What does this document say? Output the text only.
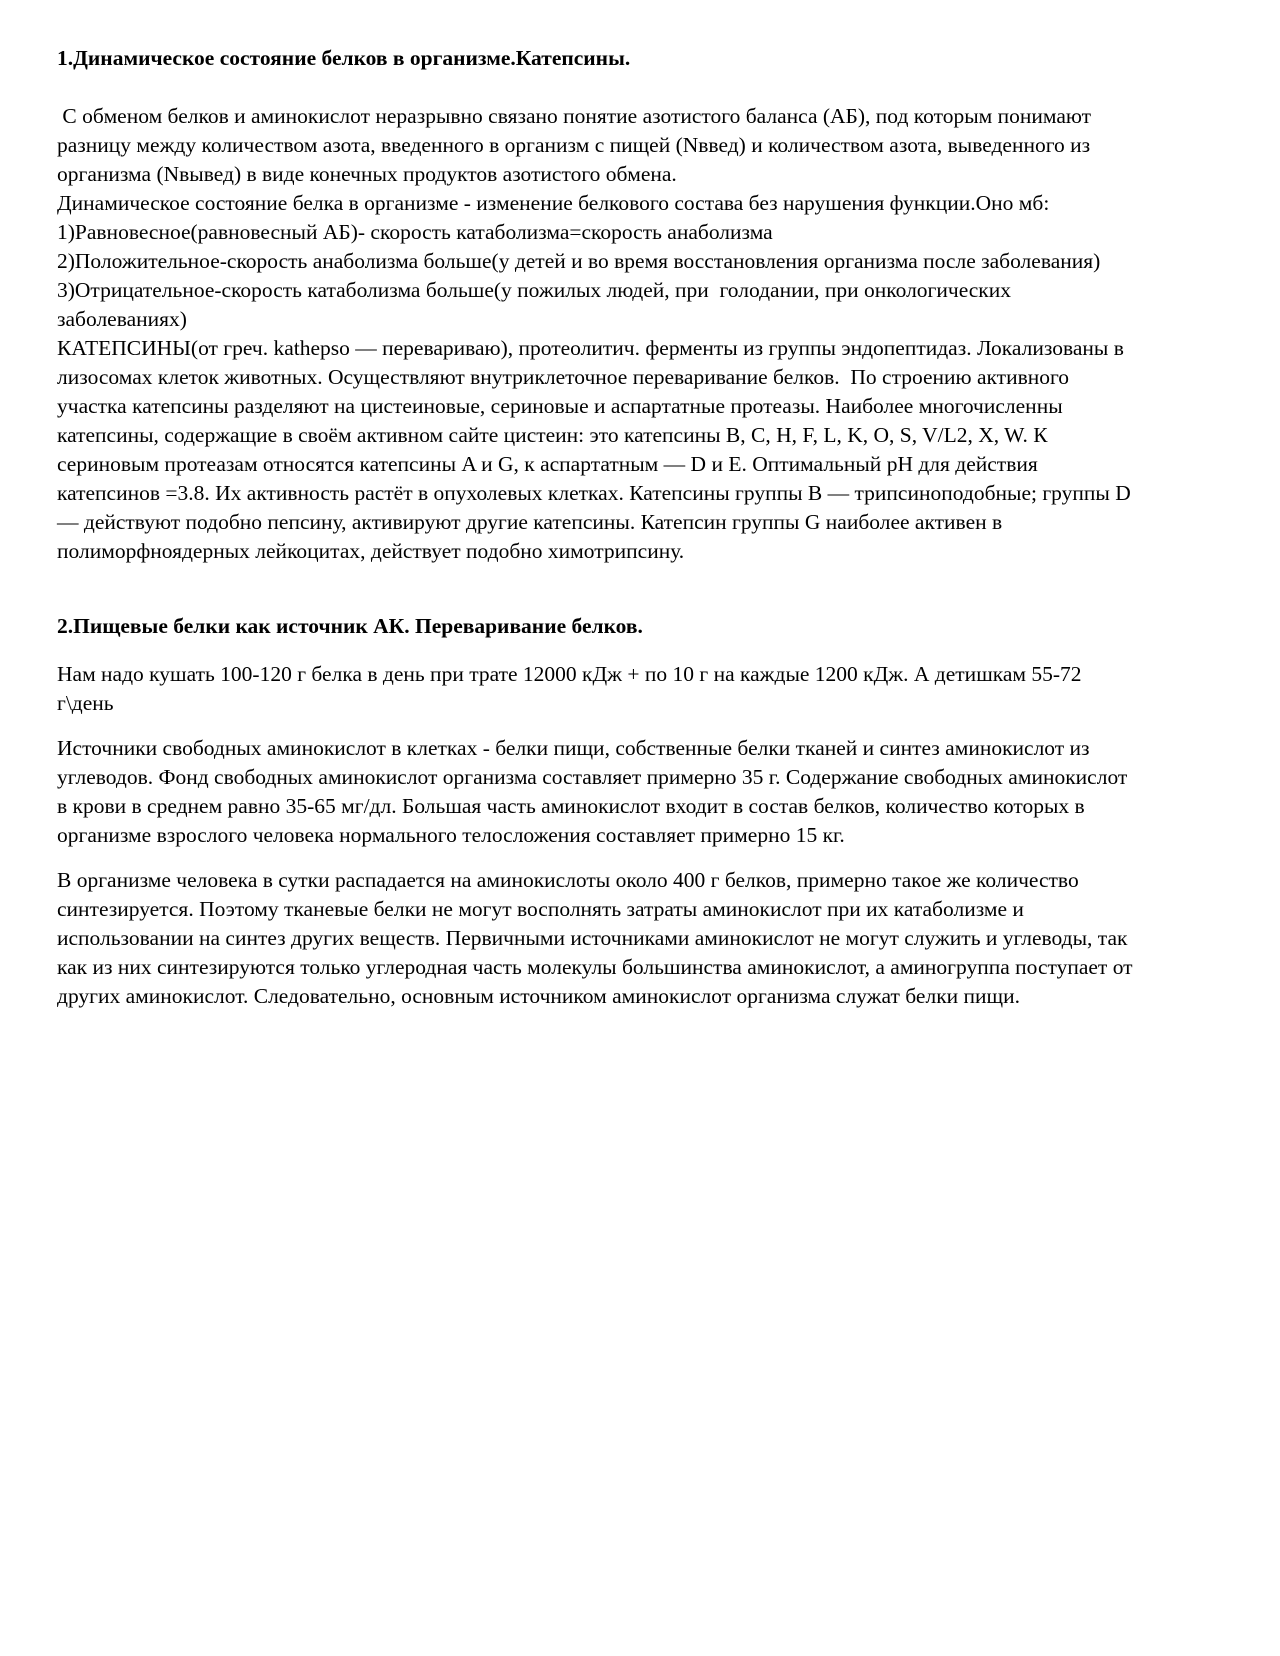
1.Динамическое состояние белков в организме.Катепсины.

С обменом белков и аминокислот неразрывно связано понятие азотистого баланса (АБ), под которым понимают разницу между количеством азота, введенного в организм с пищей (Nввед) и количеством азота, выведенного из организма (Nвывед) в виде конечных продуктов азотистого обмена.

Динамическое состояние белка в организме - изменение белкового состава без нарушения функции.Оно мб:

1)Равновесное(равновесный АБ)- скорость катаболизма=скорость анаболизма

2)Положительное-скорость анаболизма больше(у детей и во время восстановления организма после заболевания)

3)Отрицательное-скорость катаболизма больше(у пожилых людей, при  голодании, при онкологических заболеваниях)

КАТЕПСИНЫ(от греч. kathepso — перевариваю), протеолитич. ферменты из группы эндопептидаз. Локализованы в лизосомах клеток животных. Осуществляют внутриклеточное переваривание белков.  По строению активного участка катепсины разделяют на цистеиновые, сериновые и аспартатные протеазы. Наиболее многочисленны катепсины, содержащие в своём активном сайте цистеин: это катепсины B, C, H, F, L, K, O, S, V/L2, X, W. К сериновым протеазам относятся катепсины A и G, к аспартатным — D и E. Оптимальный pH для действия катепсинов =3.8. Их активность растёт в опухолевых клетках. Катепсины группы B — трипсиноподобные; группы D — действуют подобно пепсину, активируют другие катепсины. Катепсин группы G наиболее активен в полиморфноядерных лейкоцитах, действует подобно химотрипсину.

2.Пищевые белки как источник АК. Переваривание белков.

Нам надо кушать 100-120 г белка в день при трате 12000 кДж + по 10 г на каждые 1200 кДж. А детишкам 55-72 г\день

Источники свободных аминокислот в клетках - белки пищи, собственные белки тканей и синтез аминокислот из углеводов. Фонд свободных аминокислот организма составляет примерно 35 г. Содержание свободных аминокислот в крови в среднем равно 35-65 мг/дл. Большая часть аминокислот входит в состав белков, количество которых в организме взрослого человека нормального телосложения составляет примерно 15 кг.

В организме человека в сутки распадается на аминокислоты около 400 г белков, примерно такое же количество синтезируется. Поэтому тканевые белки не могут восполнять затраты аминокислот при их катаболизме и использовании на синтез других веществ. Первичными источниками аминокислот не могут служить и углеводы, так как из них синтезируются только углеродная часть молекулы большинства аминокислот, а аминогруппа поступает от других аминокислот. Следовательно, основным источником аминокислот организма служат белки пищи.
